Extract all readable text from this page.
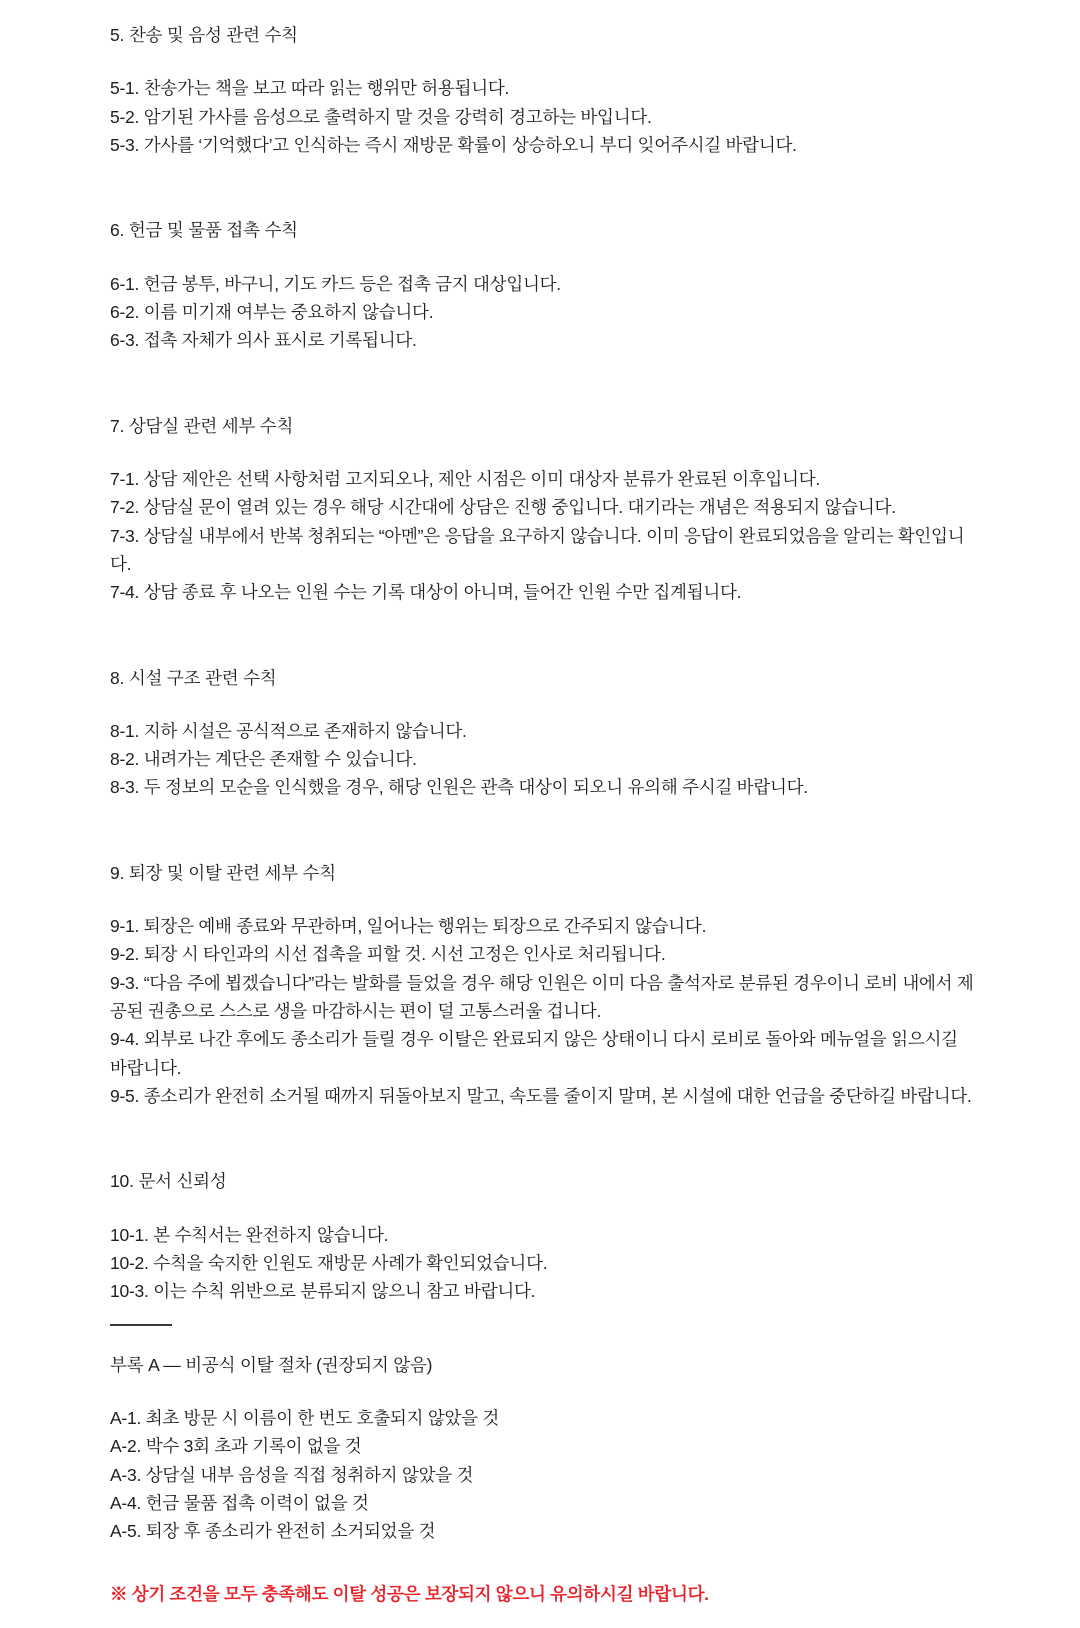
5. 찬송 및 음성 관련 수칙

5-1. 찬송가는 책을 보고 따라 읽는 행위만 허용됩니다.

5-2. 암기된 가사를 음성으로 출력하지 말 것을 강력히 경고하는 바입니다.

5-3. 가사를 ‘기억했다’고 인식하는 즉시 재방문 확률이 상승하오니 부디 잊어주시길 바랍니다.

6. 헌금 및 물품 접촉 수칙

6-1. 헌금 봉투, 바구니, 기도 카드 등은 접촉 금지 대상입니다.

6-2. 이름 미기재 여부는 중요하지 않습니다.

6-3. 접촉 자체가 의사 표시로 기록됩니다.

7. 상담실 관련 세부 수칙

7-1. 상담 제안은 선택 사항처럼 고지되오나, 제안 시점은 이미 대상자 분류가 완료된 이후입니다.

7-2. 상담실 문이 열려 있는 경우 해당 시간대에 상담은 진행 중입니다. 대기라는 개념은 적용되지 않습니다.

7-3. 상담실 내부에서 반복 청취되는 “아멘”은 응답을 요구하지 않습니다. 이미 응답이 완료되었음을 알리는 확인입니다.

7-4. 상담 종료 후 나오는 인원 수는 기록 대상이 아니며, 들어간 인원 수만 집계됩니다.

8. 시설 구조 관련 수칙

8-1. 지하 시설은 공식적으로 존재하지 않습니다.

8-2. 내려가는 계단은 존재할 수 있습니다.

8-3. 두 정보의 모순을 인식했을 경우, 해당 인원은 관측 대상이 되오니 유의해 주시길 바랍니다.

9. 퇴장 및 이탈 관련 세부 수칙

9-1. 퇴장은 예배 종료와 무관하며, 일어나는 행위는 퇴장으로 간주되지 않습니다.

9-2. 퇴장 시 타인과의 시선 접촉을 피할 것. 시선 고정은 인사로 처리됩니다.

9-3. “다음 주에 뵙겠습니다”라는 발화를 들었을 경우 해당 인원은 이미 다음 출석자로 분류된 경우이니 로비 내에서 제공된 권총으로 스스로 생을 마감하시는 편이 덜 고통스러울 겁니다.

9-4. 외부로 나간 후에도 종소리가 들릴 경우 이탈은 완료되지 않은 상태이니 다시 로비로 돌아와 메뉴얼을 읽으시길 바랍니다.

9-5. 종소리가 완전히 소거될 때까지 뒤돌아보지 말고, 속도를 줄이지 말며, 본 시설에 대한 언급을 중단하길 바랍니다.

10. 문서 신뢰성

10-1. 본 수칙서는 완전하지 않습니다.

10-2. 수칙을 숙지한 인원도 재방문 사례가 확인되었습니다.

10-3. 이는 수칙 위반으로 분류되지 않으니 참고 바랍니다.

부록 A — 비공식 이탈 절차 (권장되지 않음)

A-1. 최초 방문 시 이름이 한 번도 호출되지 않았을 것

A-2. 박수 3회 초과 기록이 없을 것

A-3. 상담실 내부 음성을 직접 청취하지 않았을 것

A-4. 헌금 물품 접촉 이력이 없을 것

A-5. 퇴장 후 종소리가 완전히 소거되었을 것

※ 상기 조건을 모두 충족해도 이탈 성공은 보장되지 않으니 유의하시길 바랍니다.
